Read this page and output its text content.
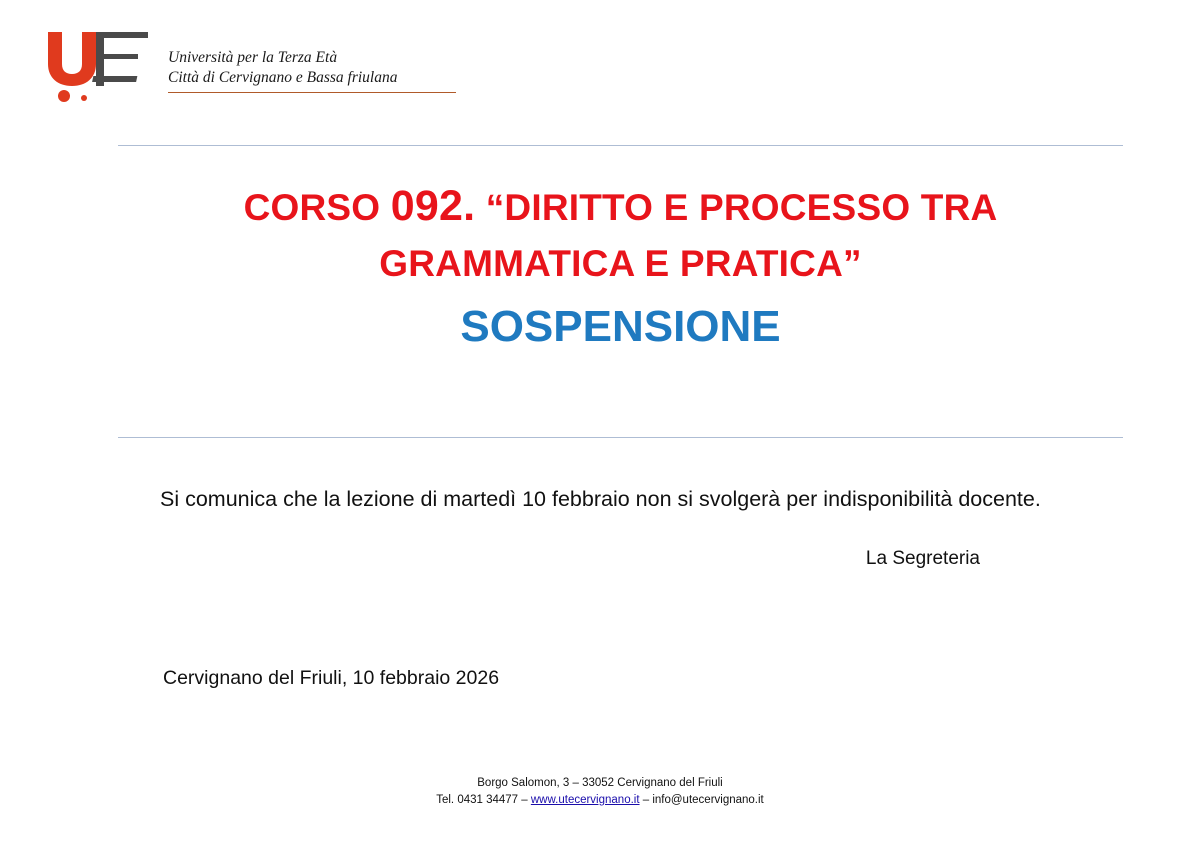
Università per la Terza Età
Città di Cervignano e Bassa friulana
CORSO 092. “DIRITTO E PROCESSO TRA
GRAMMATICA E PRATICA”
SOSPENSIONE
Si comunica che la lezione di martedì 10 febbraio non si svolgerà per indisponibilità docente.
La Segreteria
Cervignano del Friuli, 10 febbraio 2026
Borgo Salomon, 3 – 33052 Cervignano del Friuli
Tel. 0431 34477 – www.utecervignano.it – info@utecervignano.it
